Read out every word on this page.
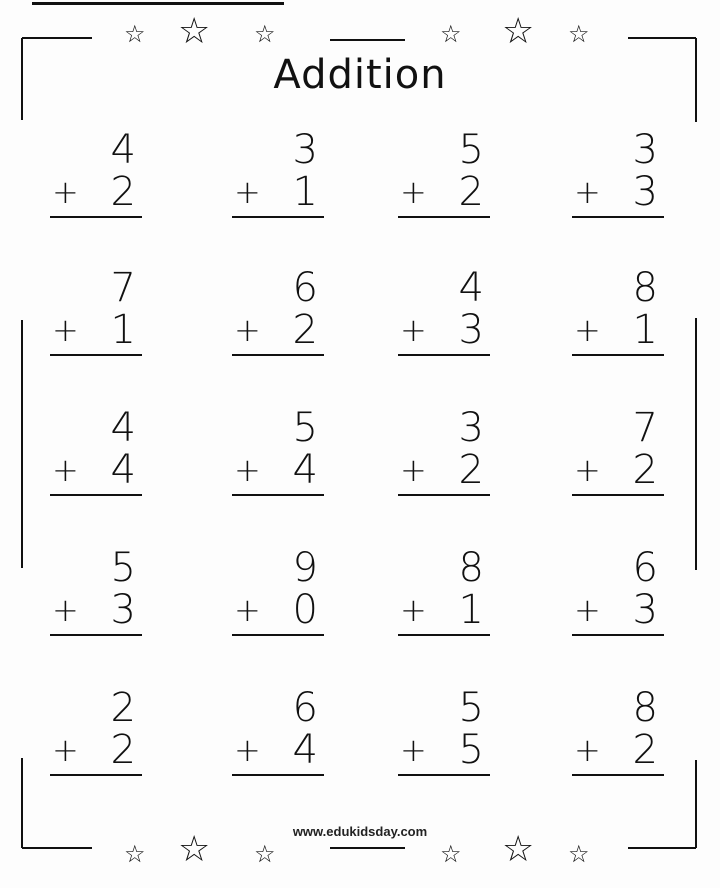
☆ ☆ ☆	☆ ☆ ☆
Addition
4
+ 2
3
+ 1
5
+ 2
3
+ 3
7
+ 1
6
+ 2
4
+ 3
8
+ 1
4
+ 4
5
+ 4
3
+ 2
7
+ 2
5
+ 3
9
+ 0
8
+ 1
6
+ 3
2
+ 2
6
+ 4
5
+ 5
8
+ 2
☆ ☆ ☆	☆ ☆ ☆
www.edukidsday.com
